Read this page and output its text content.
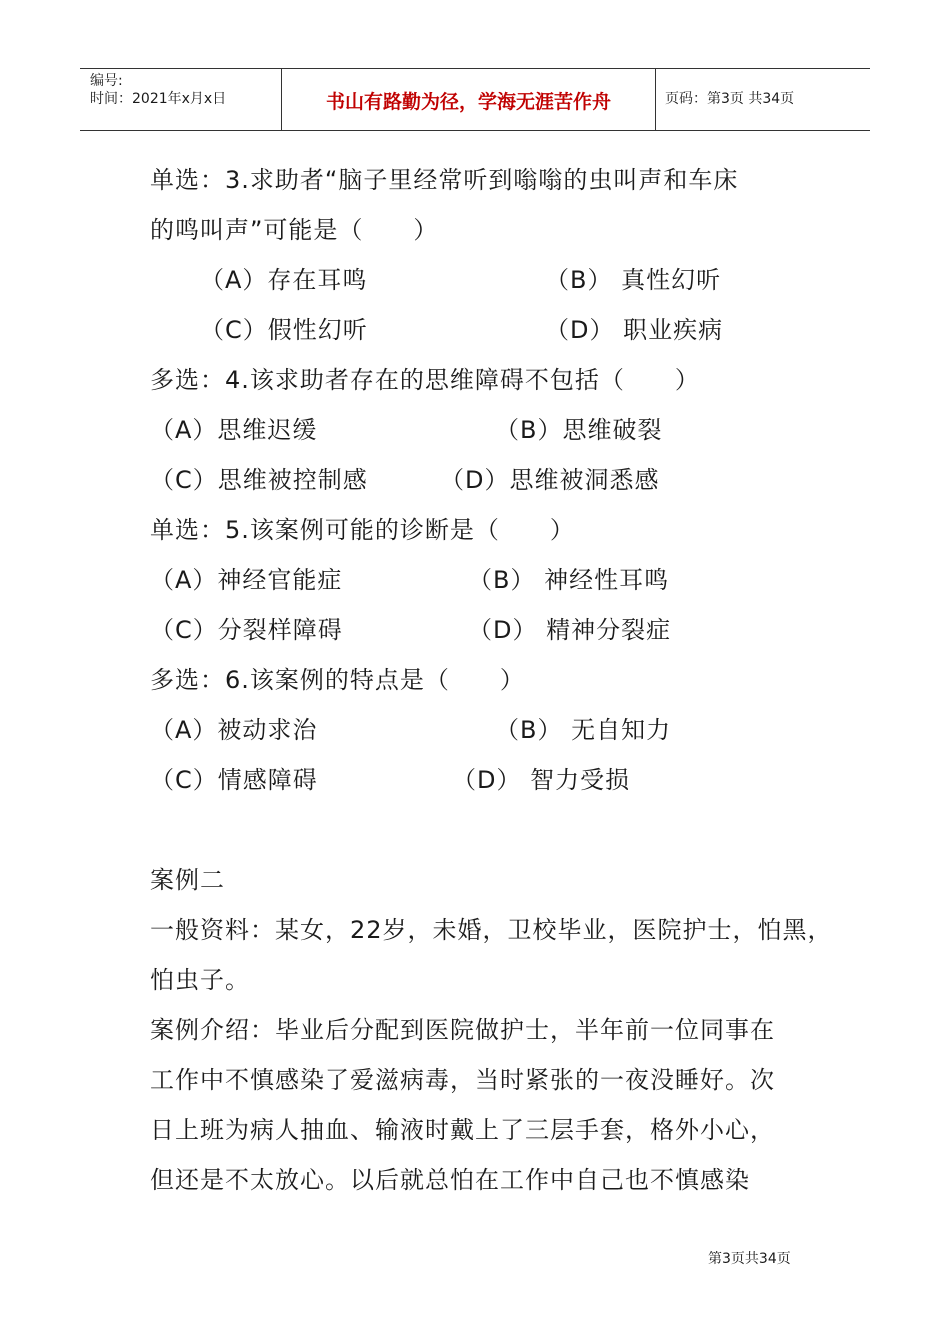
编号:
时间：2021年x月x日	书山有路勤为径，学海无涯苦作舟	页码：第3页 共34页
单选：3.求助者“脑子里经常听到嗡嗡的虫叫声和车床
的鸣叫声”可能是（　　）
（A）存在耳鸣	（B） 真性幻听
（C）假性幻听	（D） 职业疾病
多选：4.该求助者存在的思维障碍不包括（　　）
（A）思维迟缓	（B）思维破裂
（C）思维被控制感	（D）思维被洞悉感
单选：5.该案例可能的诊断是（　　）
（A）神经官能症	（B） 神经性耳鸣
（C）分裂样障碍	（D） 精神分裂症
多选：6.该案例的特点是（　　）
（A）被动求治	（B） 无自知力
（C）情感障碍	（D） 智力受损
案例二
一般资料：某女，22岁，未婚，卫校毕业，医院护士，怕黑，
怕虫子。
案例介绍：毕业后分配到医院做护士，半年前一位同事在
工作中不慎感染了爱滋病毒，当时紧张的一夜没睡好。次
日上班为病人抽血、输液时戴上了三层手套，格外小心，
但还是不太放心。以后就总怕在工作中自己也不慎感染
第3页共34页
